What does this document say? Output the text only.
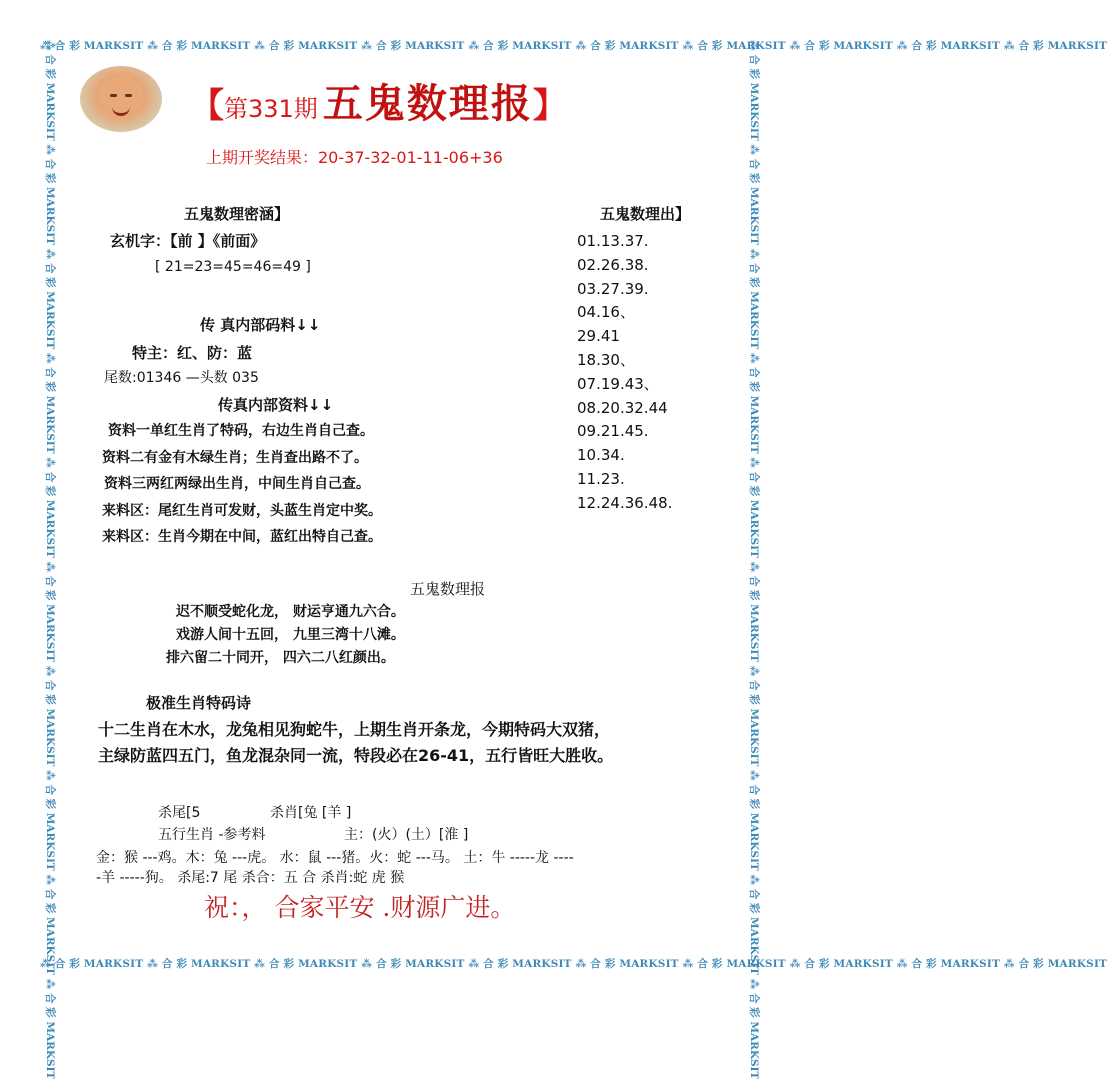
⁂ 合 彩 MARKSIT ⁂ 合 彩 MARKSIT ⁂ 合 彩 MARKSIT ⁂ 合 彩 MARKSIT ⁂ 合 彩 MARKSIT ⁂ 合 彩 MARKSIT ⁂ 合 彩 MARKSIT ⁂ 合 彩 MARKSIT ⁂ 合 彩 MARKSIT ⁂ 合 彩 MARKSIT
⁂ 合 彩 MARKSIT ⁂ 合 彩 MARKSIT ⁂ 合 彩 MARKSIT ⁂ 合 彩 MARKSIT ⁂ 合 彩 MARKSIT ⁂ 合 彩 MARKSIT ⁂ 合 彩 MARKSIT ⁂ 合 彩 MARKSIT ⁂ 合 彩 MARKSIT ⁂ 合 彩 MARKSIT
⁂ 合 彩 MARKSIT ⁂ 合 彩 MARKSIT ⁂ 合 彩 MARKSIT ⁂ 合 彩 MARKSIT ⁂ 合 彩 MARKSIT ⁂ 合 彩 MARKSIT ⁂ 合 彩 MARKSIT ⁂ 合 彩 MARKSIT ⁂ 合 彩 MARKSIT ⁂ 合 彩 MARKSIT	⁂ 合 彩 MARKSIT ⁂ 合 彩 MARKSIT ⁂ 合 彩 MARKSIT ⁂ 合 彩 MARKSIT ⁂ 合 彩 MARKSIT ⁂ 合 彩 MARKSIT ⁂ 合 彩 MARKSIT ⁂ 合 彩 MARKSIT ⁂ 合 彩 MARKSIT ⁂ 合 彩 MARKSIT
【第331期 五鬼数理报】
上期开奖结果：20-37-32-01-11-06+36
五鬼数理密涵】
玄机字：【前 】《前面》
[ 21=23=45=46=49 ]
传 真内部码料↓↓
特主：红、防：蓝
尾数:01346 —头数 035
传真内部资料↓↓
资料一单红生肖了特码，右边生肖自己查。
资料二有金有木绿生肖；生肖查出路不了。
资料三两红两绿出生肖，中间生肖自己查。
来料区：尾红生肖可发财，头蓝生肖定中奖。
来料区：生肖今期在中间，蓝红出特自己查。
五鬼数理出】
01.13.37.
02.26.38.
03.27.39.
04.16、
29.41
18.30、
07.19.43、
08.20.32.44
09.21.45.
10.34.
11.23.
12.24.36.48.
五鬼数理报
迟不顺受蛇化龙， 财运亨通九六合。
戏游人间十五回， 九里三湾十八滩。
排六留二十同开， 四六二八红颜出。
极准生肖特码诗
十二生肖在木水，龙兔相见狗蛇牛，上期生肖开条龙，今期特码大双猪，
主绿防蓝四五门，鱼龙混杂同一流，特段必在26-41，五行皆旺大胜收。
杀尾[5	杀肖[兔 [羊 ]
五行生肖 -参考料	主：(火）(土）[淮 ]
金：猴 ---鸡。木：兔 ---虎。 水：鼠 ---猪。火：蛇 ---马。 土：牛 -----龙 ----
-羊 -----狗。 杀尾:7 尾 杀合：五 合 杀肖:蛇 虎 猴
祝：， 合家平安 .财源广进。
